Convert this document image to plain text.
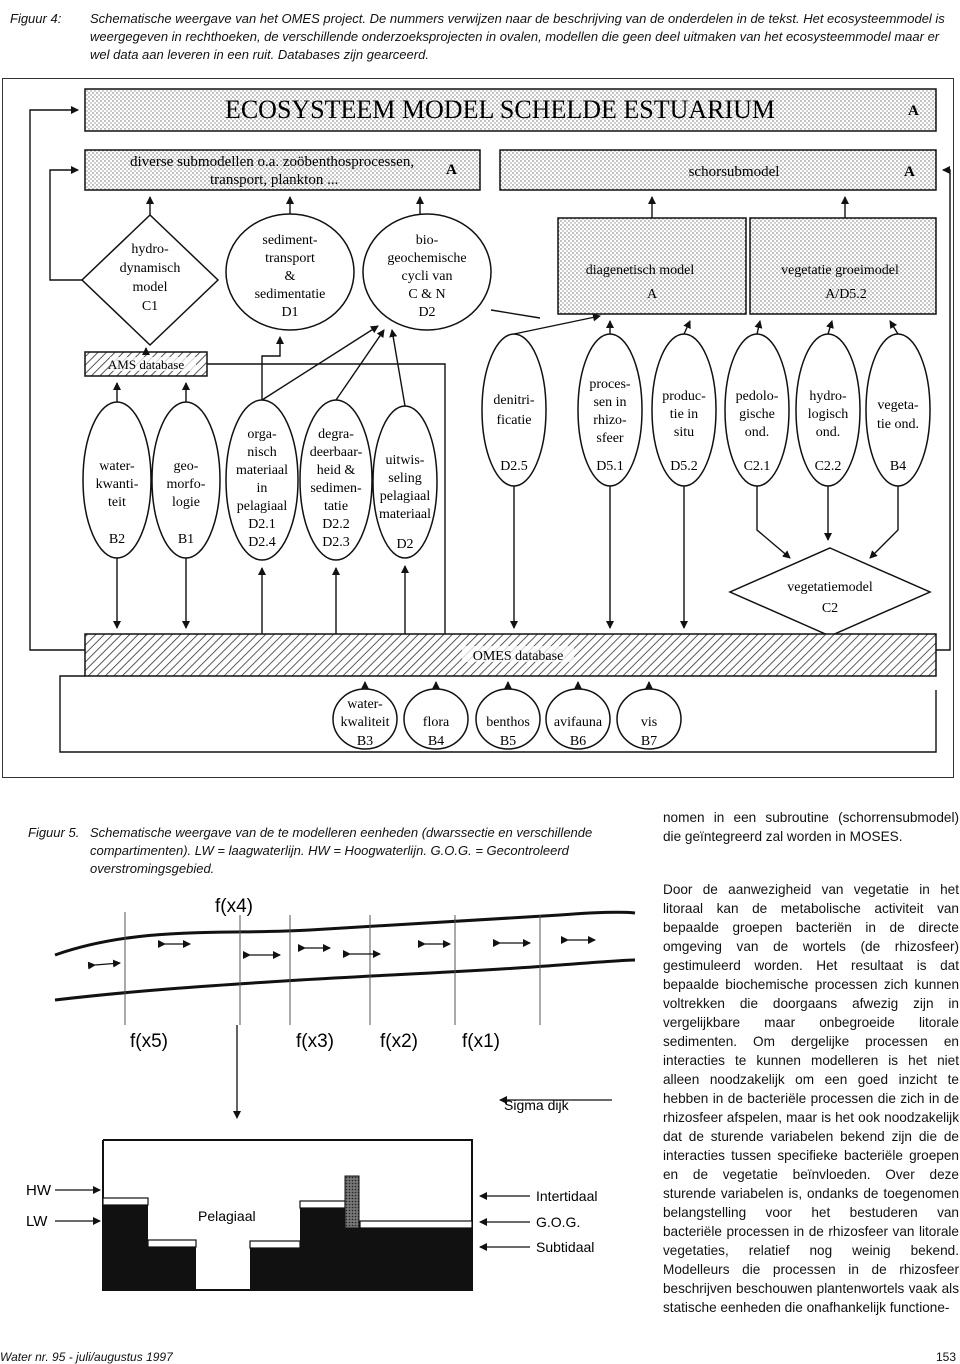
Figuur 4: Schematische weergave van het OMES project. De nummers verwijzen naar de beschrijving van de onderdelen in de tekst. Het ecosysteemmodel is weergegeven in rechthoeken, de verschillende onderzoeksprojecten in ovalen, modellen die geen deel uitmaken van het ecosysteemmodel maar er wel data aan leveren in een ruit. Databases zijn gearceerd.
ECOSYSTEEM MODEL SCHELDE ESTUARIUM	A
diverse submodellen o.a. zoöbenthosprocessen,
transport, plankton ...
A	schorsubmodel	A
hydro-
dynamisch
model
C1
sediment-
transport
&
sedimentatie
D1
bio-
geochemische
cycli van
C & N
D2
diagenetisch model
A
vegetatie groeimodel
A/D5.2
AMS database
water-
kwanti-
teit
B2
geo-
morfo-
logie
B1
orga-
nisch
materiaal
in
pelagiaal
D2.1
D2.4
degra-
deerbaar-
heid &
sedimen-
tatie
D2.2
D2.3
uitwis-
seling
pelagiaal
materiaal
D2
denitri-
ficatie
D2.5
proces-
sen in
rhizo-
sfeer
D5.1
produc-
tie in
situ
D5.2
pedolo-
gische
ond.
C2.1
hydro-
logisch
ond.
C2.2
vegeta-
tie ond.
B4
vegetatiemodel
C2
OMES database
water-
kwaliteit
B3
flora
B4
benthos
B5
avifauna
B6
vis
B7
Figuur 5. Schematische weergave van de te modelleren eenheden (dwarssectie en verschillende compartimenten). LW = laagwaterlijn. HW = Hoogwaterlijn. G.O.G. = Gecontroleerd overstromingsgebied.
f(x4)
f(x5)	f(x3) f(x2) f(x1)
Sigma dijk
Pelagiaal
HW
LW
Intertidaal
G.O.G.
Subtidaal
nomen in een subroutine (schorrensubmodel) die geïntegreerd zal worden in MOSES.
Door de aanwezigheid van vegetatie in het litoraal kan de metabolische activiteit van bepaalde groepen bacteriën in de directe omgeving van de wortels (de rhizosfeer) gestimuleerd worden. Het resultaat is dat bepaalde biochemische processen zich kunnen voltrekken die doorgaans afwezig zijn in vergelijkbare maar onbegroeide litorale sedimenten. Om dergelijke processen en interacties te kunnen modelleren is het niet alleen noodzakelijk om een goed inzicht te hebben in de bacteriële processen die zich in de rhizosfeer afspelen, maar is het ook noodzakelijk dat de sturende variabelen bekend zijn die de interacties tussen specifieke bacteriële groepen en de vegetatie beïnvloeden. Over deze sturende variabelen is, ondanks de toegenomen belangstelling voor het bestuderen van bacteriële processen in de rhizosfeer van litorale vegetaties, relatief nog weinig bekend. Modelleurs die processen in de rhizosfeer beschrijven beschouwen plantenwortels vaak als statische eenheden die onafhankelijk functione-
Water nr. 95 - juli/augustus 1997	153
